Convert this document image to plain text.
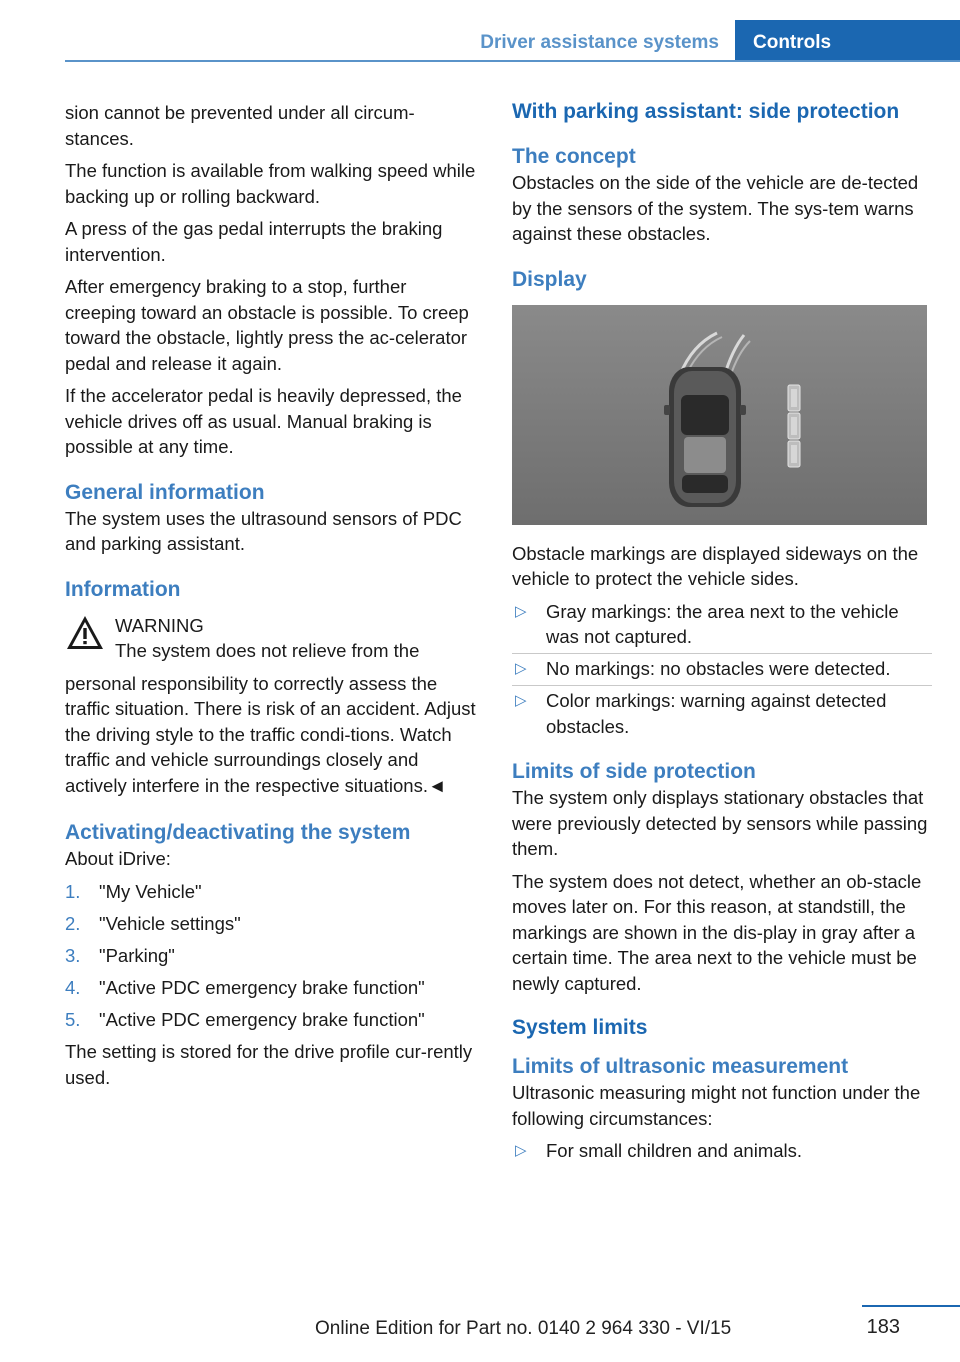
Driver assistance systems	Controls

sion cannot be prevented under all circum-stances.

The function is available from walking speed while backing up or rolling backward.

A press of the gas pedal interrupts the braking intervention.

After emergency braking to a stop, further creeping toward an obstacle is possible. To creep toward the obstacle, lightly press the ac-celerator pedal and release it again.

If the accelerator pedal is heavily depressed, the vehicle drives off as usual. Manual braking is possible at any time.

General information

The system uses the ultrasound sensors of PDC and parking assistant.

Information

WARNING

The system does not relieve from the

personal responsibility to correctly assess the traffic situation. There is risk of an accident. Adjust the driving style to the traffic condi-tions. Watch traffic and vehicle surroundings closely and actively interfere in the respective situations.◄

Activating/deactivating the system

About iDrive:

1. "My Vehicle"
2. "Vehicle settings"
3. "Parking"
4. "Active PDC emergency brake function"
5. "Active PDC emergency brake function"

The setting is stored for the drive profile cur-rently used.

With parking assistant: side protection
The concept

Obstacles on the side of the vehicle are de-tected by the sensors of the system. The sys-tem warns against these obstacles.

Display

Obstacle markings are displayed sideways on the vehicle to protect the vehicle sides.

▷ Gray markings: the area next to the vehicle was not captured.
▷ No markings: no obstacles were detected.
▷ Color markings: warning against detected obstacles.
Limits of side protection

The system only displays stationary obstacles that were previously detected by sensors while passing them.

The system does not detect, whether an ob-stacle moves later on. For this reason, at standstill, the markings are shown in the dis-play in gray after a certain time. The area next to the vehicle must be newly captured.

System limits
Limits of ultrasonic measurement

Ultrasonic measuring might not function under the following circumstances:

▷ For small children and animals.
183
Online Edition for Part no. 0140 2 964 330 - VI/15
